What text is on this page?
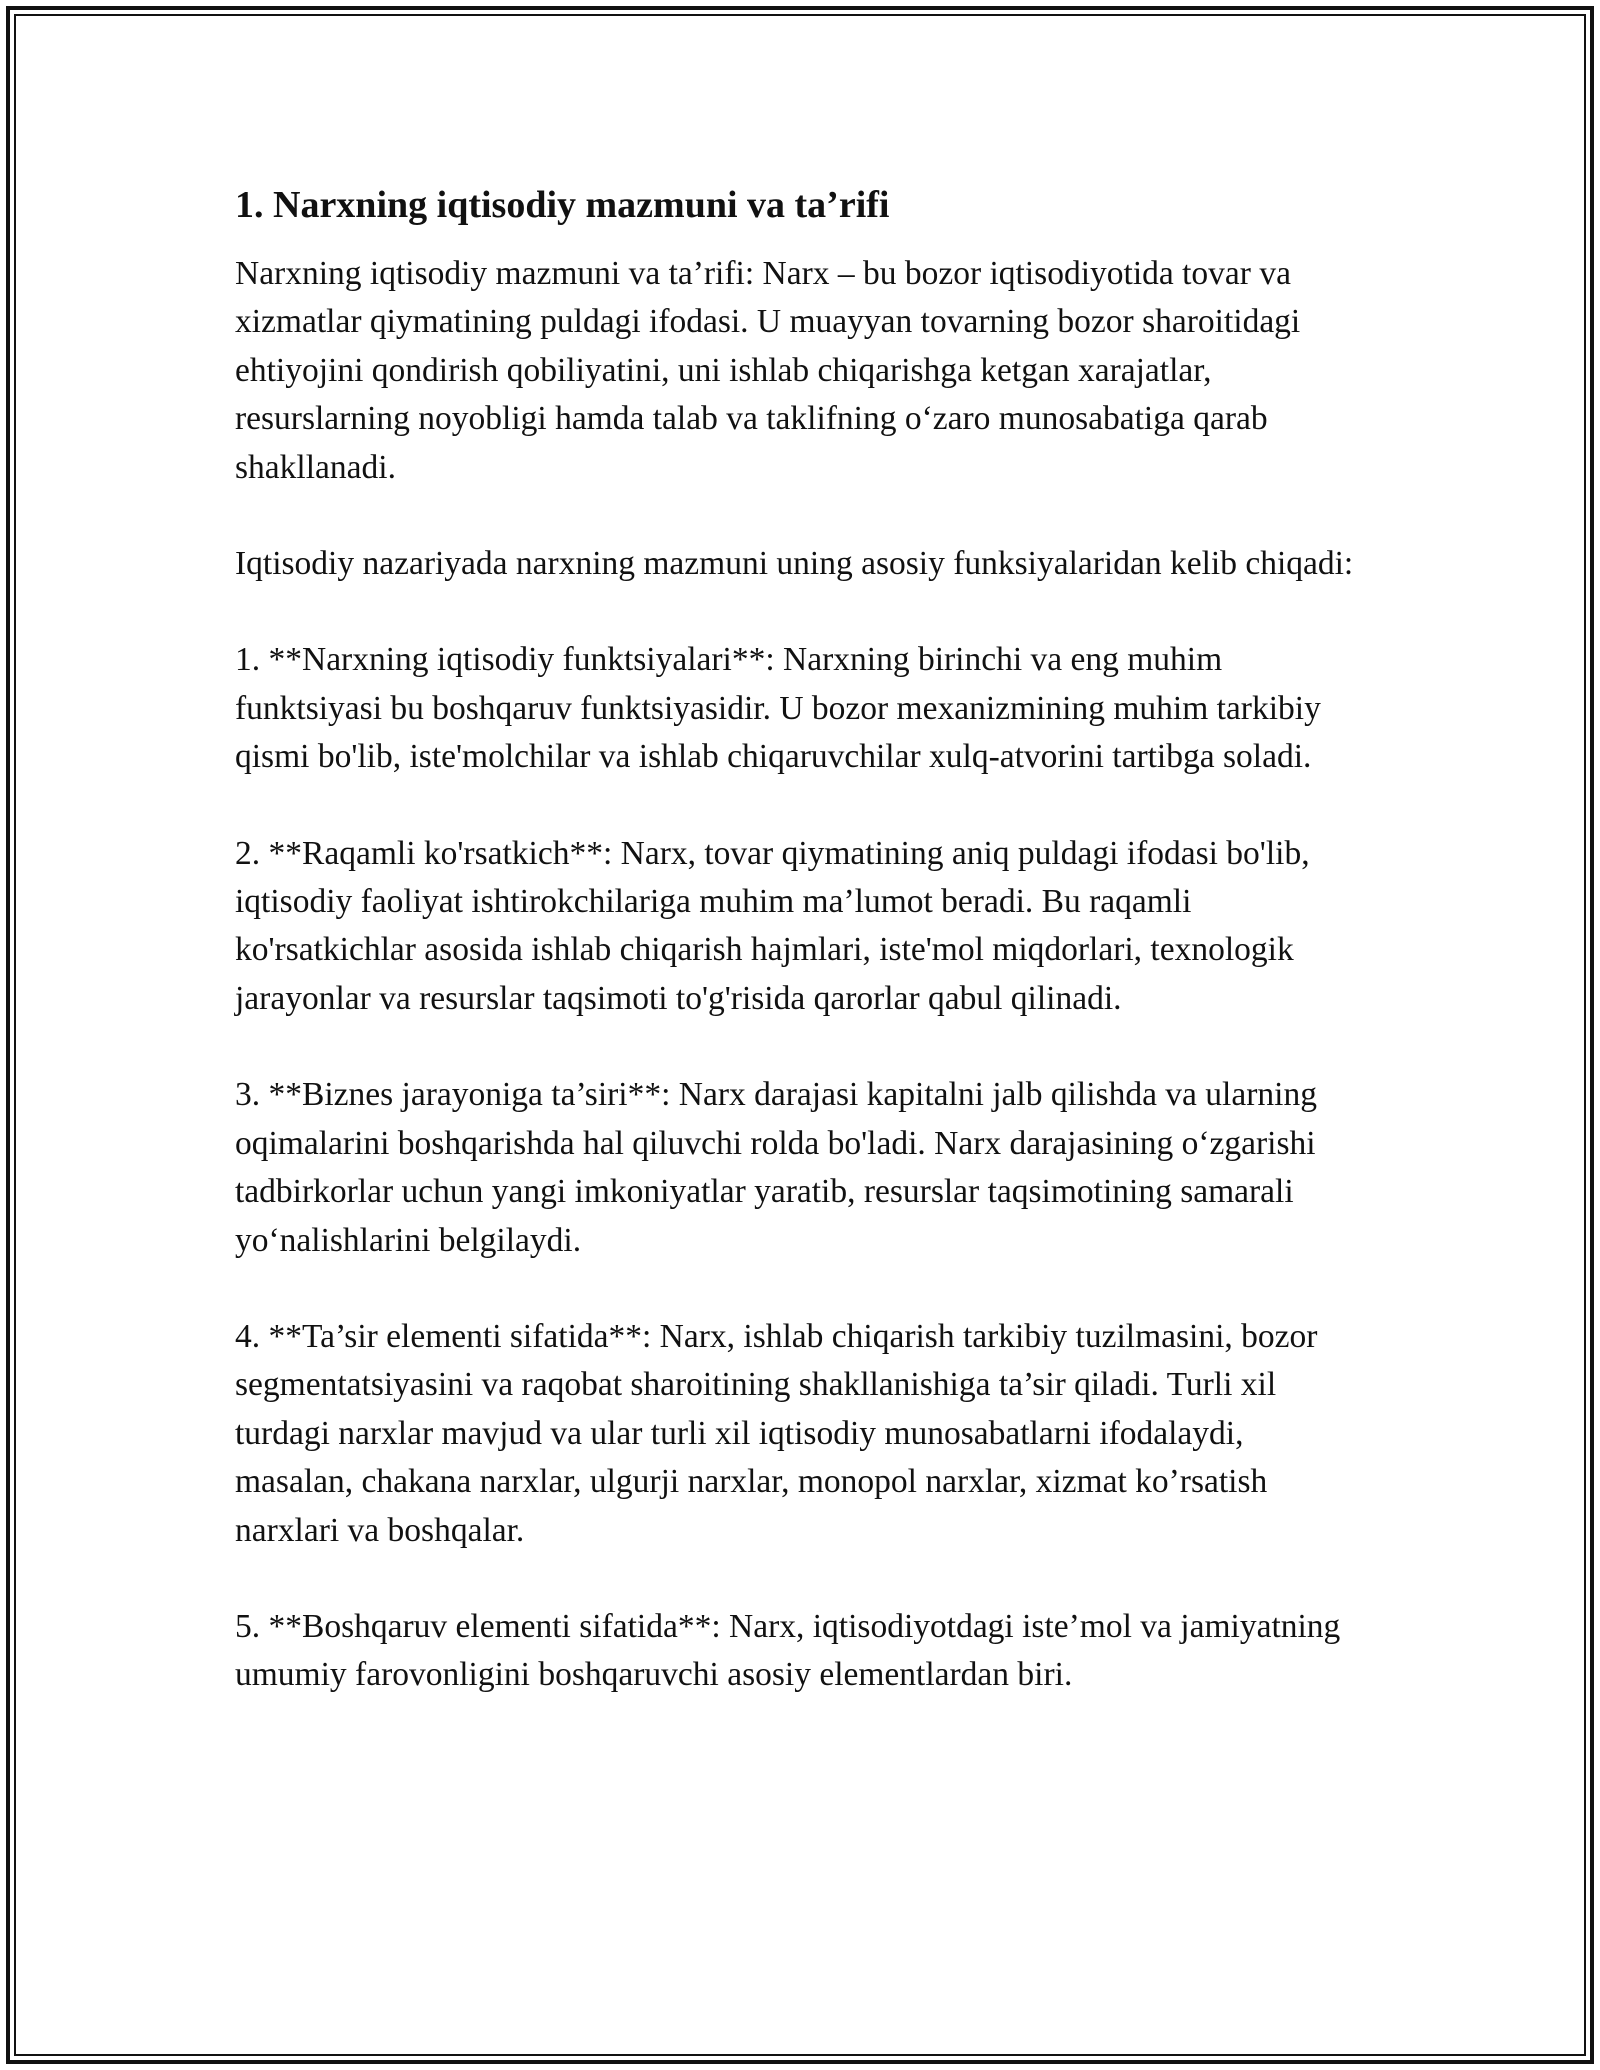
1. Narxning iqtisodiy mazmuni va ta’rifi

Narxning iqtisodiy mazmuni va ta’rifi: Narx – bu bozor iqtisodiyotida tovar va xizmatlar qiymatining puldagi ifodasi. U muayyan tovarning bozor sharoitidagi ehtiyojini qondirish qobiliyatini, uni ishlab chiqarishga ketgan xarajatlar, resurslarning noyobligi hamda talab va taklifning o‘zaro munosabatiga qarab shakllanadi.

Iqtisodiy nazariyada narxning mazmuni uning asosiy funksiyalaridan kelib chiqadi:

1. **Narxning iqtisodiy funktsiyalari**: Narxning birinchi va eng muhim funktsiyasi bu boshqaruv funktsiyasidir. U bozor mexanizmining muhim tarkibiy qismi bo'lib, iste'molchilar va ishlab chiqaruvchilar xulq-atvorini tartibga soladi.

2. **Raqamli ko'rsatkich**: Narx, tovar qiymatining aniq puldagi ifodasi bo'lib, iqtisodiy faoliyat ishtirokchilariga muhim ma’lumot beradi. Bu raqamli ko'rsatkichlar asosida ishlab chiqarish hajmlari, iste'mol miqdorlari, texnologik jarayonlar va resurslar taqsimoti to'g'risida qarorlar qabul qilinadi.

3. **Biznes jarayoniga ta’siri**: Narx darajasi kapitalni jalb qilishda va ularning oqimalarini boshqarishda hal qiluvchi rolda bo'ladi. Narx darajasining o‘zgarishi tadbirkorlar uchun yangi imkoniyatlar yaratib, resurslar taqsimotining samarali yo‘nalishlarini belgilaydi.

4. **Ta’sir elementi sifatida**: Narx, ishlab chiqarish tarkibiy tuzilmasini, bozor segmentatsiyasini va raqobat sharoitining shakllanishiga ta’sir qiladi. Turli xil turdagi narxlar mavjud va ular turli xil iqtisodiy munosabatlarni ifodalaydi, masalan, chakana narxlar, ulgurji narxlar, monopol narxlar, xizmat ko’rsatish narxlari va boshqalar.

5. **Boshqaruv elementi sifatida**: Narx, iqtisodiyotdagi iste’mol va jamiyatning umumiy farovonligini boshqaruvchi asosiy elementlardan biri.
